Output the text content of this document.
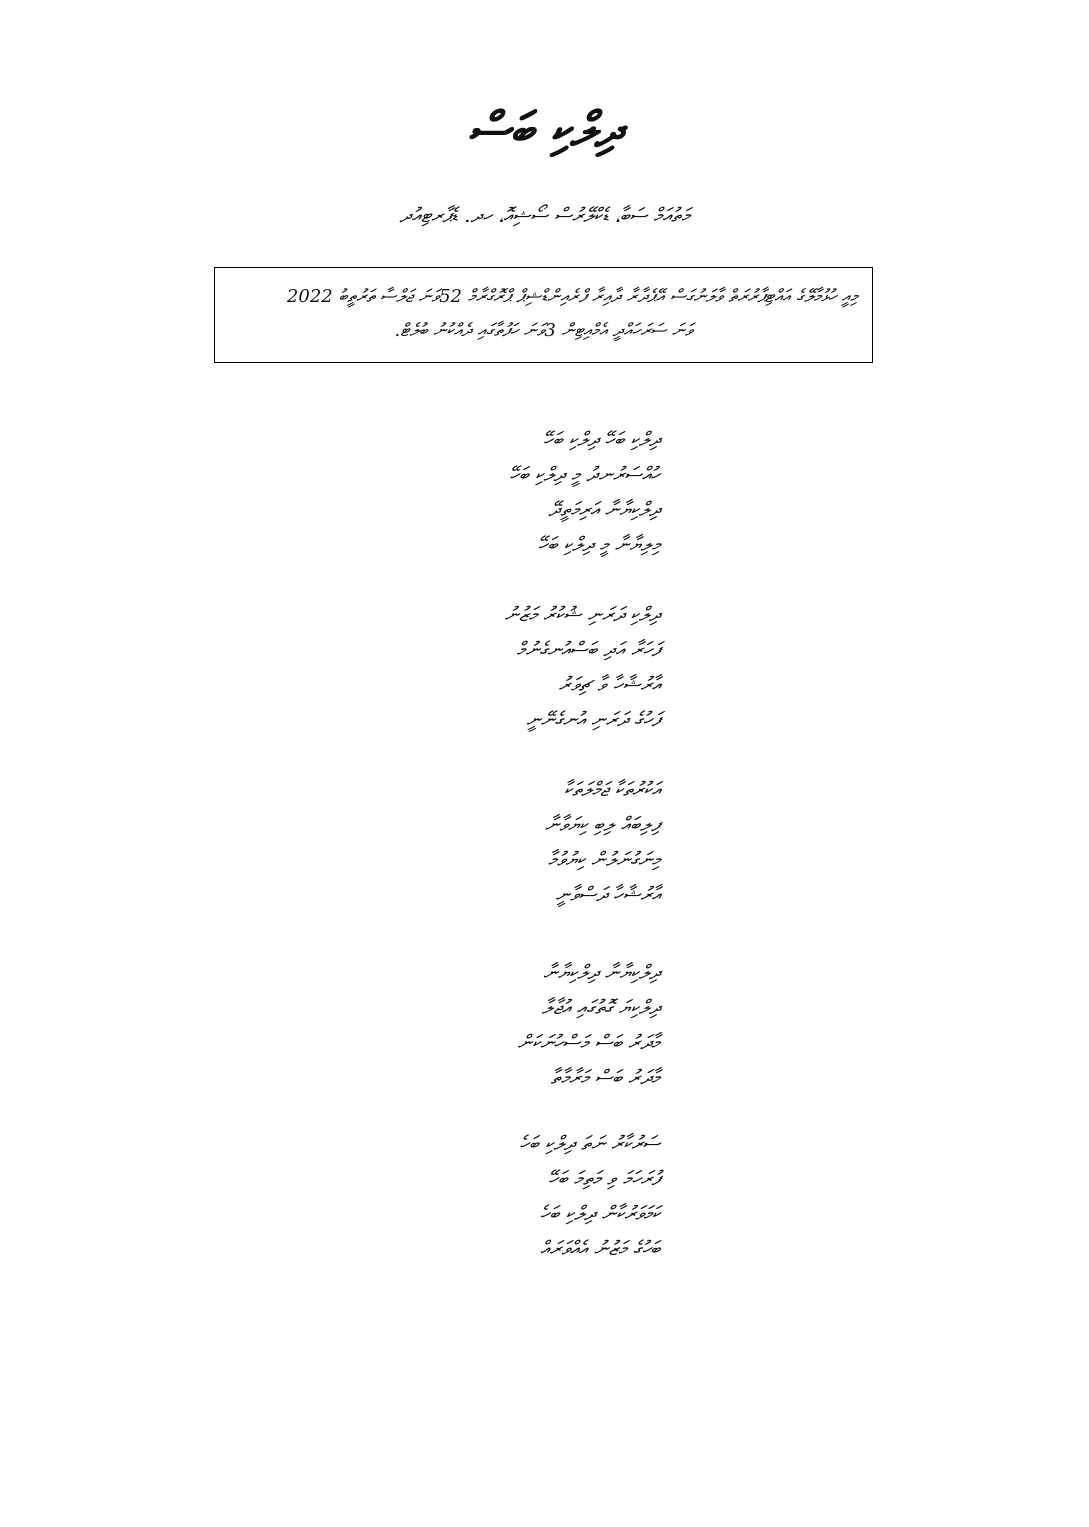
ދިލްކި ބަސް
މަތުއަމް ސަބާ، ޑެކްލޭރުސް ސޯޝިއޮ، ހދ. ޑެޕާރޓިއުދ
މިއީ ހުޅުމާލޭގެ އައްޓިޕާރުރަތް ވާލަނުގަސް އޭޕެދާރާ ދާއިރާ ފްރެއިންޑްޝިޕް ޕްރޮގްރާމް 52ވަނަ ޖަލްސާ ތަރުތީބު 2022
ވަނަ ސަރަހައްދީ އެމްއިޓިން 3ވަނަ ހަފުތާގައި ދެއްކުނު ބުލެޓް.
ދިލްކި ބަހޭ ދިލްކި ބަހޭ
ހުއްސަރުނދު މީ ދިލްކި ބަހޭ
ދިލްކިޔާނާ އަރިމަތީދޭ
މިލިޔާނާ މީ ދިލްކި ބަހޭ
ދިލްކި ދަރަނި ޝުކުރު މަޒުނު
ފަހަރާ އަދި ބަސްއުނގެނުމް
އާރުޝާހާ ވާ ޗިވަރު
ފަހުގެ ދަރަނި އުނގެނޭނީ
އަކުރުތަކާ ޖަމްލަތަކާ
ފިލިބައް ލިބި ކިޔަވާނާ
މިނަގުނަލުން ކިޔުވުމާ
އާރުޝާހާ ދަސްވާނީ
ދިލްކިޔާނާ ދިލްކިޔާނާ
ދިލްކިޔަ ގޮތުގައި އުޖާލާ
މާދަރު ބަސް މަސްހުނަކަން
މާދަރު ބަސް މަރާމާތާ
ސަރުކާރު ނަތަ ދިލްކި ބަހެ
ފުރަހަމަ ވި މަތިމަ ބަހޭ
ކަމަވަރުކާން ދިލްކި ބަހެ
ބަހުގެ މަޒުނު އެއްވަރައް
